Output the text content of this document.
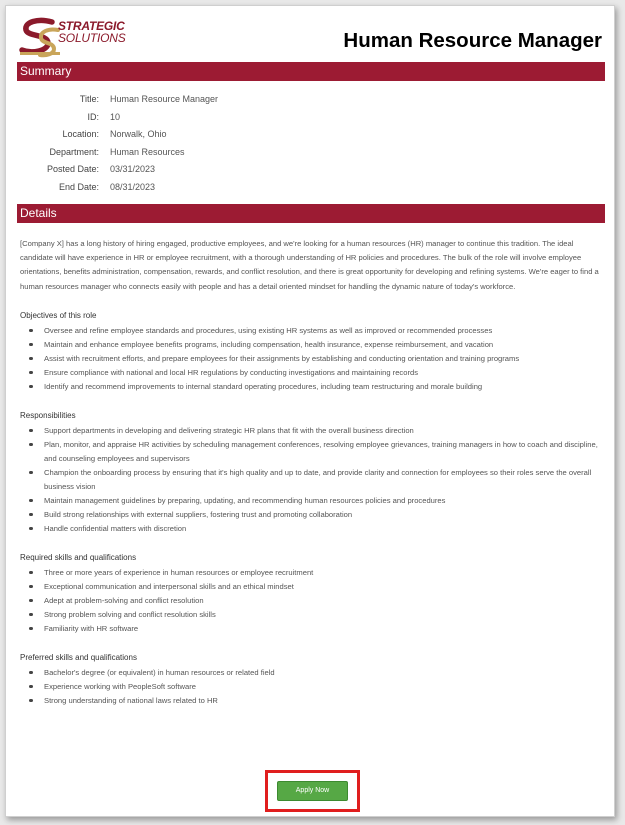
STRATEGIC
SOLUTIONS	Human Resource Manager
Summary
Title: Human Resource Manager
ID: 10
Location: Norwalk, Ohio
Department: Human Resources
Posted Date: 03/31/2023
End Date: 08/31/2023
Details

[Company X] has a long history of hiring engaged, productive employees, and we're looking for a human resources (HR) manager to continue this tradition. The ideal candidate will have experience in HR or employee recruitment, with a thorough understanding of HR policies and procedures. The bulk of the role will involve employee orientations, benefits administration, compensation, rewards, and conflict resolution, and there is great opportunity for developing and refining systems. We're eager to find a human resources manager who connects easily with people and has a detail oriented mindset for handling the dynamic nature of today's workforce.

Objectives of this role
Oversee and refine employee standards and procedures, using existing HR systems as well as improved or recommended processes
Maintain and enhance employee benefits programs, including compensation, health insurance, expense reimbursement, and vacation
Assist with recruitment efforts, and prepare employees for their assignments by establishing and conducting orientation and training programs
Ensure compliance with national and local HR regulations by conducting investigations and maintaining records
Identify and recommend improvements to internal standard operating procedures, including team restructuring and morale building
Responsibilities
Support departments in developing and delivering strategic HR plans that fit with the overall business direction
Plan, monitor, and appraise HR activities by scheduling management conferences, resolving employee grievances, training managers in how to coach and discipline, and counseling employees and supervisors
Champion the onboarding process by ensuring that it's high quality and up to date, and provide clarity and connection for employees so their roles serve the overall business vision
Maintain management guidelines by preparing, updating, and recommending human resources policies and procedures
Build strong relationships with external suppliers, fostering trust and promoting collaboration
Handle confidential matters with discretion
Required skills and qualifications
Three or more years of experience in human resources or employee recruitment
Exceptional communication and interpersonal skills and an ethical mindset
Adept at problem-solving and conflict resolution
Strong problem solving and conflict resolution skills
Familiarity with HR software
Preferred skills and qualifications
Bachelor's degree (or equivalent) in human resources or related field
Experience working with PeopleSoft software
Strong understanding of national laws related to HR
Apply Now
